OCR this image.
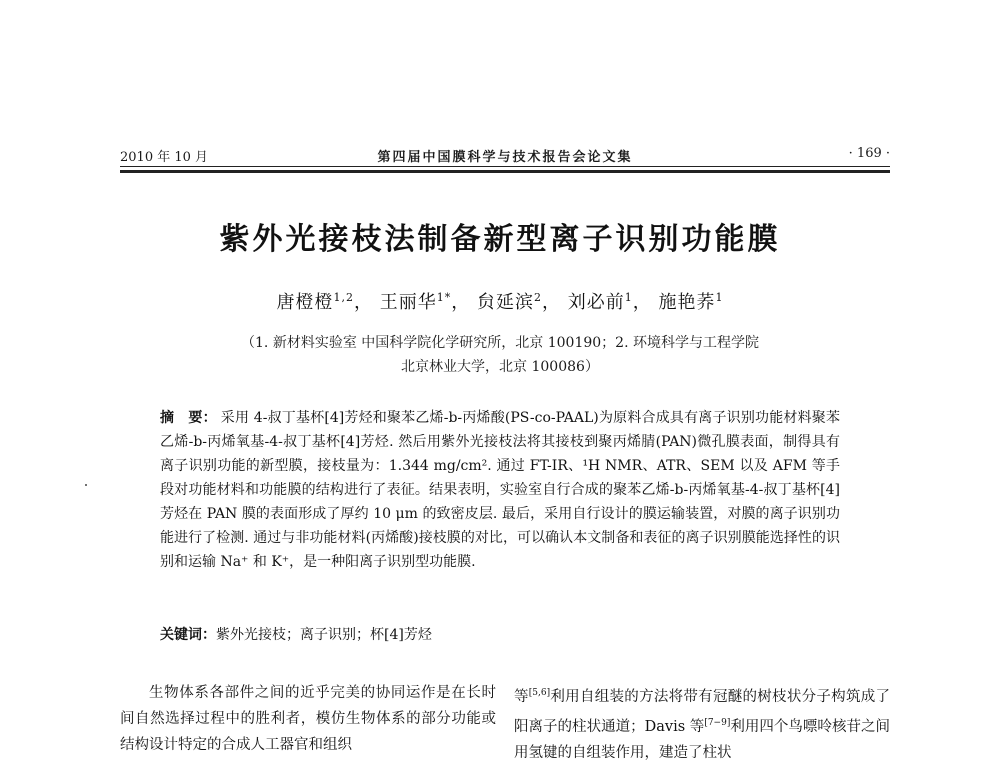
2010 年 10 月	第四届中国膜科学与技术报告会论文集	· 169 ·
紫外光接枝法制备新型离子识别功能膜
唐橙橙$^{1,2}$， 王丽华$^{1*}$， 贠延滨$^2$， 刘必前$^1$， 施艳荞$^1$
（1. 新材料实验室 中国科学院化学研究所，北京 100190；2. 环境科学与工程学院
北京林业大学，北京 100086）
摘　要： 采用 4-叔丁基杯[4]芳烃和聚苯乙烯-b-丙烯酸(PS-co-PAAL)为原料合成具有离子识别功能材料聚苯乙烯-b-丙烯氧基-4-叔丁基杯[4]芳烃. 然后用紫外光接枝法将其接枝到聚丙烯腈(PAN)微孔膜表面，制得具有离子识别功能的新型膜，接枝量为：1.344 mg/cm². 通过 FT-IR、¹H NMR、ATR、SEM 以及 AFM 等手段对功能材料和功能膜的结构进行了表征。结果表明，实验室自行合成的聚苯乙烯-b-丙烯氧基-4-叔丁基杯[4]芳烃在 PAN 膜的表面形成了厚约 10 μm 的致密皮层. 最后，采用自行设计的膜运输装置，对膜的离子识别功能进行了检测. 通过与非功能材料(丙烯酸)接枝膜的对比，可以确认本文制备和表征的离子识别膜能选择性的识别和运输 Na⁺ 和 K⁺，是一种阳离子识别型功能膜.
关键词：紫外光接枝；离子识别；杯[4]芳烃
生物体系各部件之间的近乎完美的协同运作是在长时间自然选择过程中的胜利者，模仿生物体系的部分功能或结构设计特定的合成人工器官和组织
等[5,6]利用自组装的方法将带有冠醚的树枝状分子构筑成了阳离子的柱状通道；Davis 等[7−9]利用四个鸟嘌呤核苷之间用氢键的自组装作用，建造了柱状
